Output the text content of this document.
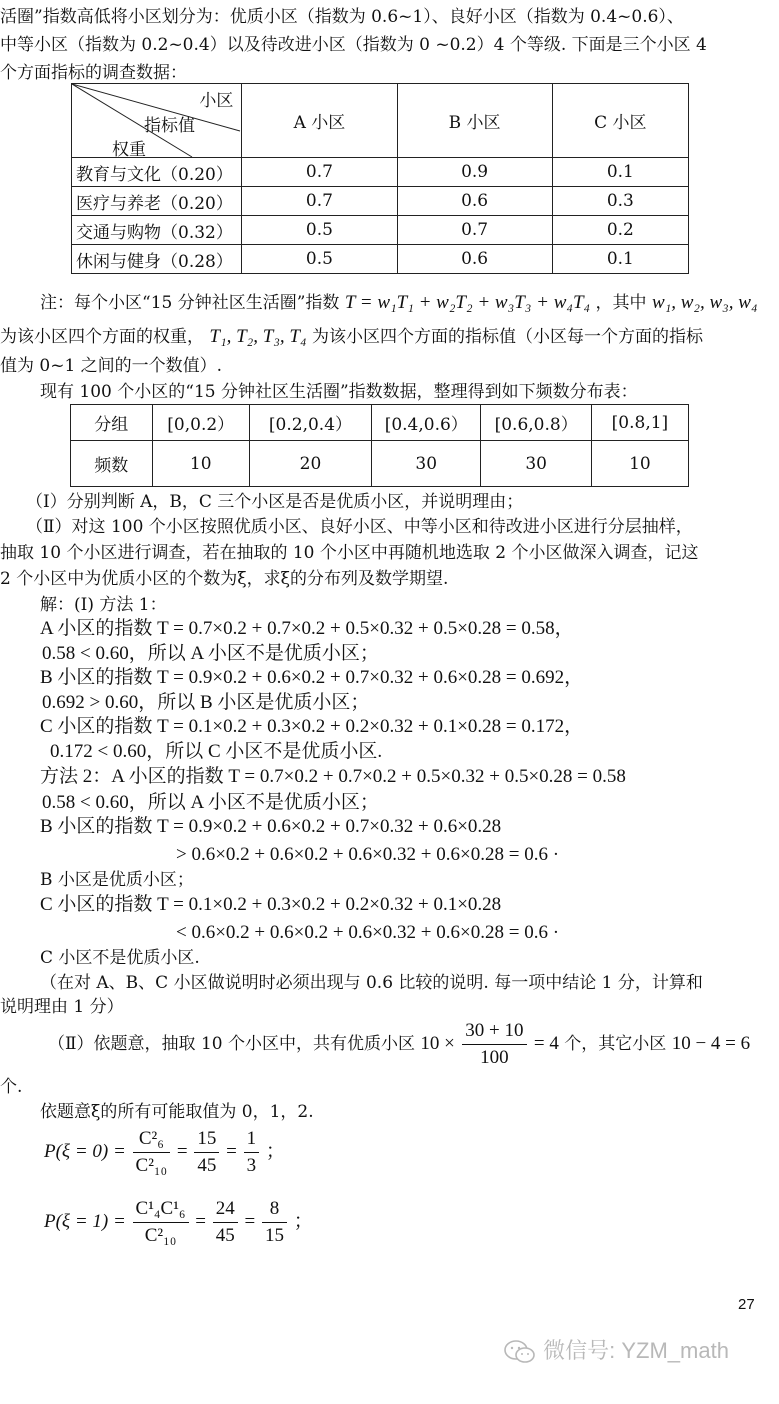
活圈”指数高低将小区划分为：优质小区（指数为 0.6~1）、良好小区（指数为 0.4~0.6）、
中等小区（指数为 0.2~0.4）以及待改进小区（指数为 0 ~0.2）4 个等级. 下面是三个小区 4
个方面指标的调查数据：
小区
指标值
权重	A 小区	B 小区	C 小区
教育与文化（0.20）	0.7	0.9	0.1
医疗与养老（0.20）	0.7	0.6	0.3
交通与购物（0.32）	0.5	0.7	0.2
休闲与健身（0.28）	0.5	0.6	0.1
注：每个小区“15 分钟社区生活圈”指数 T = w₁T₁ + w₂T₂ + w₃T₃ + w₄T₄ ，其中 w₁, w₂, w₃, w₄
为该小区四个方面的权重， T₁, T₂, T₃, T₄ 为该小区四个方面的指标值（小区每一个方面的指标
值为 0~1 之间的一个数值）.
现有 100 个小区的“15 分钟社区生活圈”指数数据，整理得到如下频数分布表：
分组	[0,0.2）	[0.2,0.4）	[0.4,0.6）	[0.6,0.8）	[0.8,1]
频数	10	20	30	30	10
（Ⅰ）分别判断 A，B，C 三个小区是否是优质小区，并说明理由；
（Ⅱ）对这 100 个小区按照优质小区、良好小区、中等小区和待改进小区进行分层抽样，
抽取 10 个小区进行调查，若在抽取的 10 个小区中再随机地选取 2 个小区做深入调查，记这
2 个小区中为优质小区的个数为ξ，求ξ的分布列及数学期望.
解：(Ⅰ) 方法 1：
A 小区的指数 T = 0.7×0.2 + 0.7×0.2 + 0.5×0.32 + 0.5×0.28 = 0.58，
0.58 < 0.60，所以 A 小区不是优质小区；
B 小区的指数 T = 0.9×0.2 + 0.6×0.2 + 0.7×0.32 + 0.6×0.28 = 0.692，
0.692 > 0.60，所以 B 小区是优质小区；
C 小区的指数 T = 0.1×0.2 + 0.3×0.2 + 0.2×0.32 + 0.1×0.28 = 0.172，
0.172 < 0.60，所以 C 小区不是优质小区.
方法 2：A 小区的指数 T = 0.7×0.2 + 0.7×0.2 + 0.5×0.32 + 0.5×0.28 = 0.58
0.58 < 0.60，所以 A 小区不是优质小区；
B 小区的指数 T = 0.9×0.2 + 0.6×0.2 + 0.7×0.32 + 0.6×0.28
> 0.6×0.2 + 0.6×0.2 + 0.6×0.32 + 0.6×0.28 = 0.6 ·
B 小区是优质小区；
C 小区的指数 T = 0.1×0.2 + 0.3×0.2 + 0.2×0.32 + 0.1×0.28
< 0.6×0.2 + 0.6×0.2 + 0.6×0.32 + 0.6×0.28 = 0.6 ·
C 小区不是优质小区.
（在对 A、B、C 小区做说明时必须出现与 0.6 比较的说明. 每一项中结论 1 分，计算和
说明理由 1 分）
（Ⅱ）依题意，抽取 10 个小区中，共有优质小区 $10 \times \frac{30 + 10}{100} = 4$ 个，其它小区 10 − 4 = 6
个.
依题意ξ的所有可能取值为 0，1，2.
$P(\xi = 0) = \frac{\text{C²₆}}{\text{C²₁₀}} = \frac{15}{45} = \frac{1}{3}$ ；
$P(\xi = 1) = \frac{\text{C¹₄C¹₆}}{\text{C²₁₀}} = \frac{24}{45} = \frac{8}{15}$ ；
27
微信号: YZM_math
